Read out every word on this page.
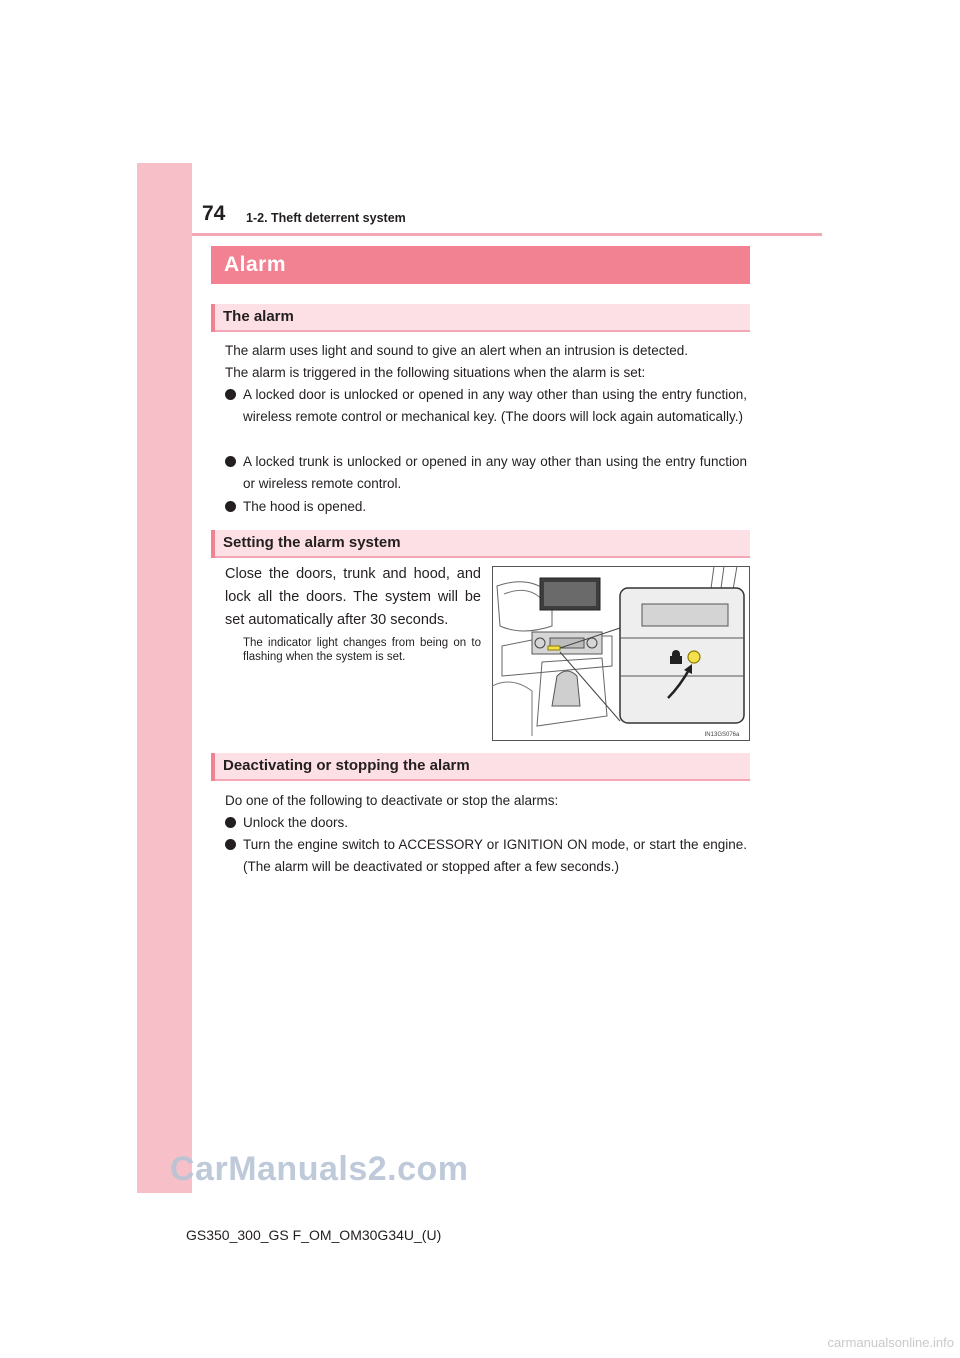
74 1-2. Theft deterrent system
Alarm
The alarm
The alarm uses light and sound to give an alert when an intrusion is detected.
The alarm is triggered in the following situations when the alarm is set:
A locked door is unlocked or opened in any way other than using the entry function, wireless remote control or mechanical key. (The doors will lock again automatically.)
A locked trunk is unlocked or opened in any way other than using the entry function or wireless remote control.
The hood is opened.
Setting the alarm system
Close the doors, trunk and hood, and lock all the doors. The system will be set automatically after 30 seconds.
The indicator light changes from being on to flashing when the system is set.
IN13GS076a
Deactivating or stopping the alarm
Do one of the following to deactivate or stop the alarms:
Unlock the doors.
Turn the engine switch to ACCESSORY or IGNITION ON mode, or start the engine. (The alarm will be deactivated or stopped after a few seconds.)
CarManuals2.com
GS350_300_GS F_OM_OM30G34U_(U)
carmanualsonline.info
